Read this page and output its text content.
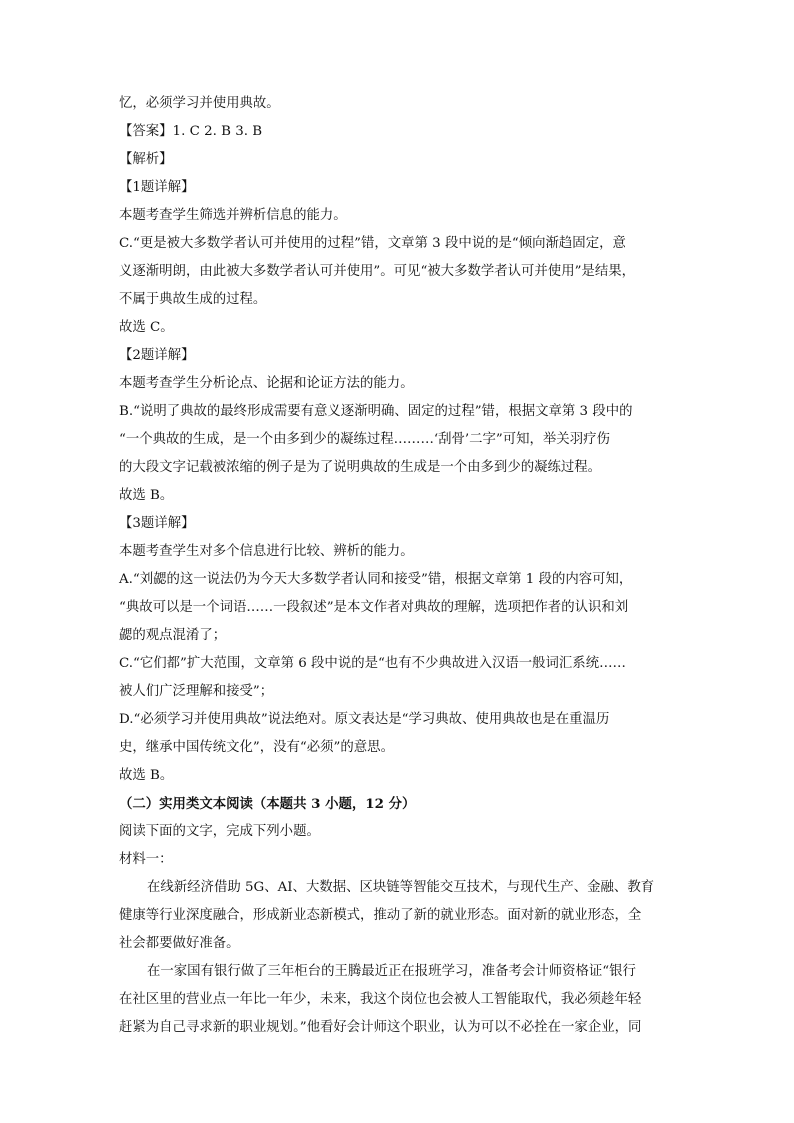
忆，必须学习并使用典故。

【答案】1. C 2. B 3. B

【解析】

【1题详解】

本题考查学生筛选并辨析信息的能力。

C.“更是被大多数学者认可并使用的过程”错，文章第 3 段中说的是“倾向渐趋固定，意

义逐渐明朗，由此被大多数学者认可并使用”。可见“被大多数学者认可并使用”是结果，

不属于典故生成的过程。

故选 C。

【2题详解】

本题考查学生分析论点、论据和论证方法的能力。

B.“说明了典故的最终形成需要有意义逐渐明确、固定的过程”错，根据文章第 3 段中的

“一个典故的生成，是一个由多到少的凝练过程………‘刮骨’二字”可知，举关羽疗伤

的大段文字记载被浓缩的例子是为了说明典故的生成是一个由多到少的凝练过程。

故选 B。

【3题详解】

本题考查学生对多个信息进行比较、辨析的能力。

A.“刘勰的这一说法仍为今天大多数学者认同和接受”错，根据文章第 1 段的内容可知，

“典故可以是一个词语……一段叙述”是本文作者对典故的理解，选项把作者的认识和刘

勰的观点混淆了；

C.“它们都”扩大范围，文章第 6 段中说的是“也有不少典故进入汉语一般词汇系统……

被人们广泛理解和接受”；

D.“必须学习并使用典故”说法绝对。原文表达是“学习典故、使用典故也是在重温历

史，继承中国传统文化”，没有“必须”的意思。

故选 B。

（二）实用类文本阅读（本题共 3 小题，12 分）

阅读下面的文字，完成下列小题。

材料一：

在线新经济借助 5G、AI、大数据、区块链等智能交互技术，与现代生产、金融、教育

健康等行业深度融合，形成新业态新模式，推动了新的就业形态。面对新的就业形态，全

社会都要做好准备。

在一家国有银行做了三年柜台的王腾最近正在报班学习，准备考会计师资格证“银行

在社区里的营业点一年比一年少，未来，我这个岗位也会被人工智能取代，我必须趁年轻

赶紧为自己寻求新的职业规划。”他看好会计师这个职业，认为可以不必拴在一家企业，同
